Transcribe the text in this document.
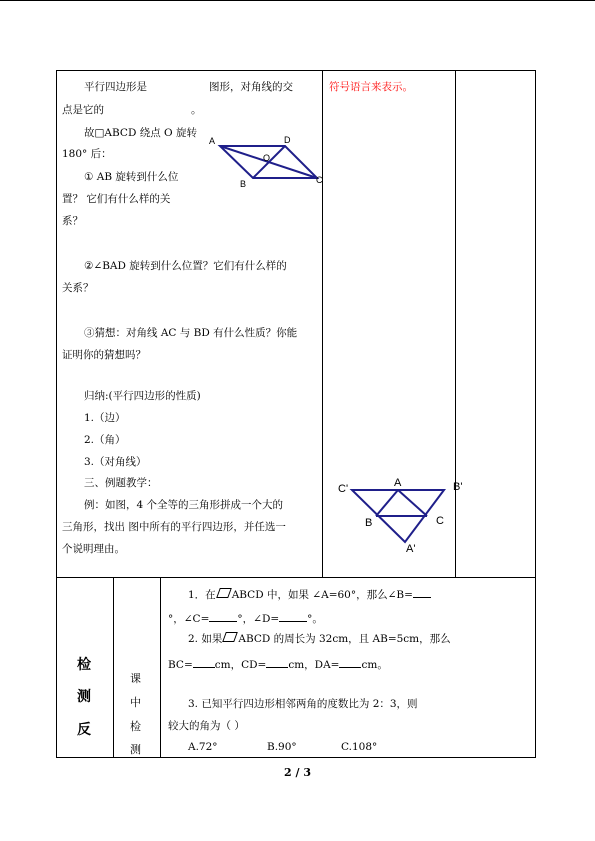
平行四边形是	图形，对角线的交
点是它的	。
故□ABCD 绕点 O 旋转
180° 后：
① AB 旋转到什么位
置？ 它们有什么样的关
系？
②∠BAD 旋转到什么位置？它们有什么样的
关系？
③猜想：对角线 AC 与 BD 有什么性质？你能
证明你的猜想吗？
归纳:(平行四边形的性质)
1.（边）
2.（角）
3.（对角线）
三、例题教学：
例：如图，4 个全等的三角形拼成一个大的
三角形，找出 图中所有的平行四边形，并任选一
个说明理由。
A	D
O
B	C
符号语言来表示。
C'	A	B'
B	C
A'
检
测
反
课
中
检
测
1．在 ABCD 中，如果 ∠A=60°，那么∠B=
°，∠C=	°，∠D=	°。
2. 如果 ABCD 的周长为 32cm，且 AB=5cm，那么
BC= cm，CD= cm，DA= cm。
3. 已知平行四边形相邻两角的度数比为 2：3，则
较大的角为（ ）
A.72°	B.90°	C.108°
2 / 3
